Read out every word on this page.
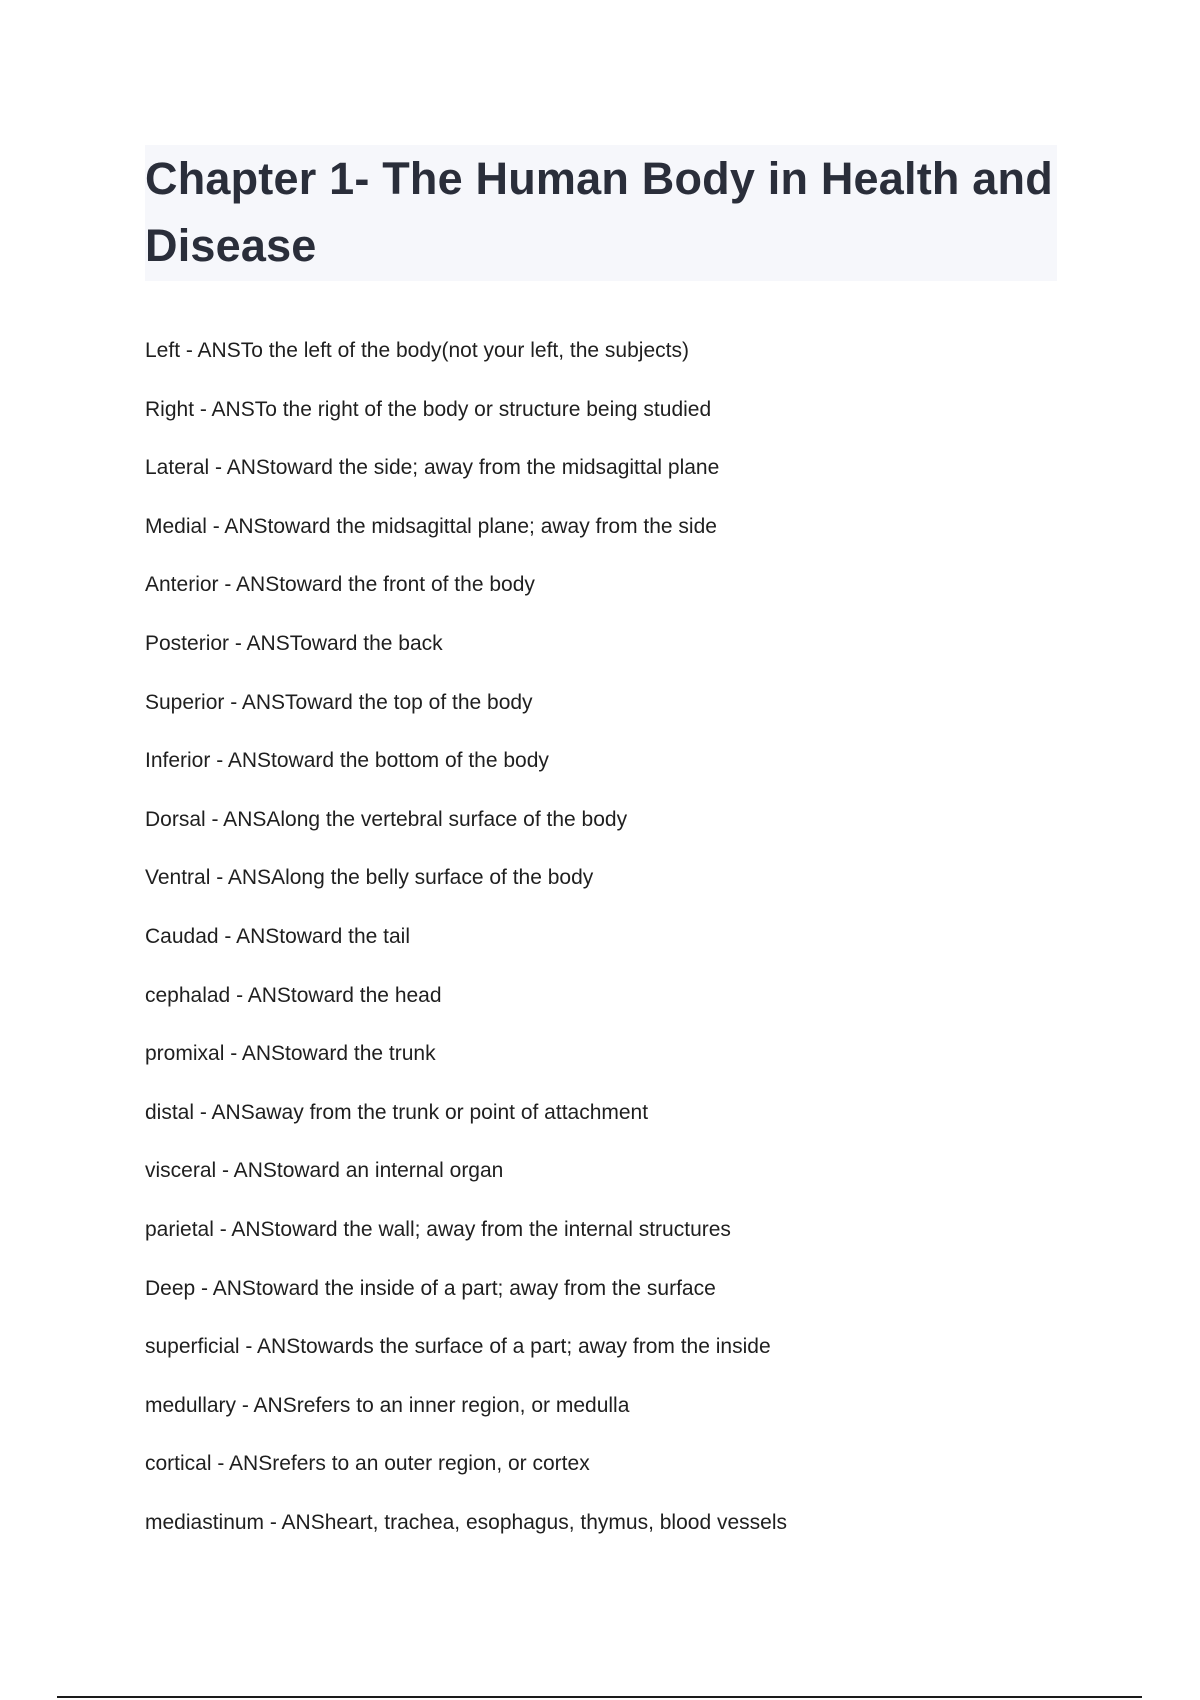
Chapter 1- The Human Body in Health and Disease
Left - ANSTo the left of the body(not your left, the subjects)
Right - ANSTo the right of the body or structure being studied
Lateral - ANStoward the side; away from the midsagittal plane
Medial - ANStoward the midsagittal plane; away from the side
Anterior - ANStoward the front of the body
Posterior - ANSToward the back
Superior - ANSToward the top of the body
Inferior - ANStoward the bottom of the body
Dorsal - ANSAlong the vertebral surface of the body
Ventral - ANSAlong the belly surface of the body
Caudad - ANStoward the tail
cephalad - ANStoward the head
promixal - ANStoward the trunk
distal - ANSaway from the trunk or point of attachment
visceral - ANStoward an internal organ
parietal - ANStoward the wall; away from the internal structures
Deep - ANStoward the inside of a part; away from the surface
superficial - ANStowards the surface of a part; away from the inside
medullary - ANSrefers to an inner region, or medulla
cortical - ANSrefers to an outer region, or cortex
mediastinum - ANSheart, trachea, esophagus, thymus, blood vessels
